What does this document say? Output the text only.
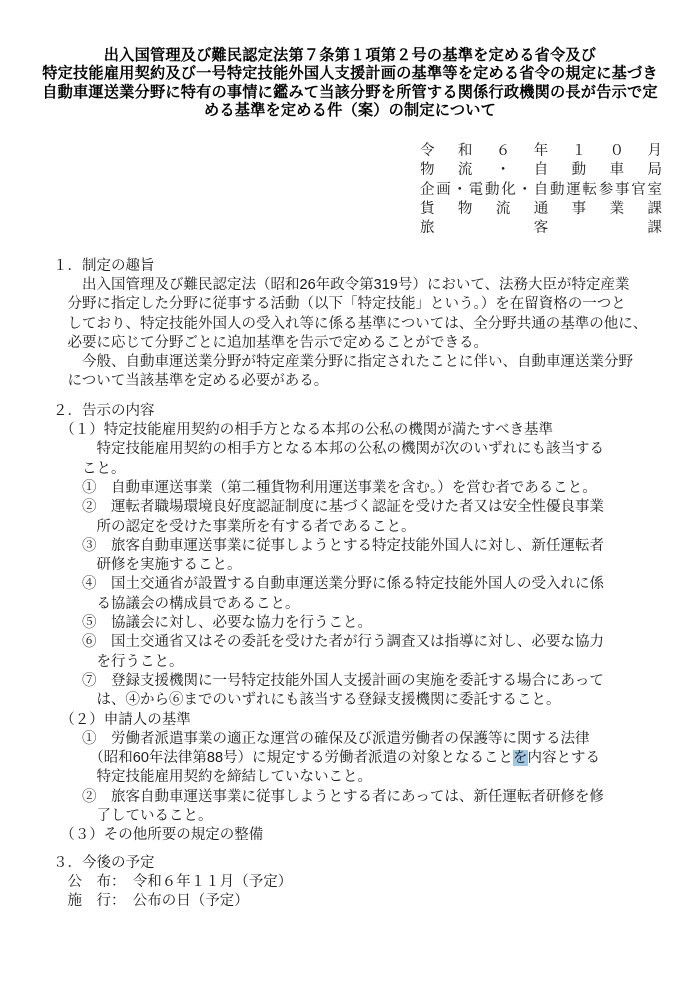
出入国管理及び難民認定法第７条第１項第２号の基準を定める省令及び
特定技能雇用契約及び一号特定技能外国人支援計画の基準等を定める省令の規定に基づき
自動車運送業分野に特有の事情に鑑みて当該分野を所管する関係行政機関の長が告示で定
める基準を定める件（案）の制定について
令和６年１０月
物流・自動車局
企画・電動化・自動運転参事官室
貨物流通事業課
旅客課
１．制定の趣旨
　　出入国管理及び難民認定法（昭和26年政令第319号）において、法務大臣が特定産業
　分野に指定した分野に従事する活動（以下「特定技能」という。）を在留資格の一つと
　しており、特定技能外国人の受入れ等に係る基準については、全分野共通の基準の他に、
　必要に応じて分野ごとに追加基準を告示で定めることができる。
　　今般、自動車運送業分野が特定産業分野に指定されたことに伴い、自動車運送業分野
　について当該基準を定める必要がある。
２．告示の内容
　（１）特定技能雇用契約の相手方となる本邦の公私の機関が満たすべき基準
　　　特定技能雇用契約の相手方となる本邦の公私の機関が次のいずれにも該当する
　　こと。
　　①　自動車運送事業（第二種貨物利用運送事業を含む。）を営む者であること。
　　②　運転者職場環境良好度認証制度に基づく認証を受けた者又は安全性優良事業
　　　所の認定を受けた事業所を有する者であること。
　　③　旅客自動車運送事業に従事しようとする特定技能外国人に対し、新任運転者
　　　研修を実施すること。
　　④　国土交通省が設置する自動車運送業分野に係る特定技能外国人の受入れに係
　　　る協議会の構成員であること。
　　⑤　協議会に対し、必要な協力を行うこと。
　　⑥　国土交通省又はその委託を受けた者が行う調査又は指導に対し、必要な協力
　　　を行うこと。
　　⑦　登録支援機関に一号特定技能外国人支援計画の実施を委託する場合にあって
　　　は、④から⑥までのいずれにも該当する登録支援機関に委託すること。
　（２）申請人の基準
　　①　労働者派遣事業の適正な運営の確保及び派遣労働者の保護等に関する法律
　　　（昭和60年法律第88号）に規定する労働者派遣の対象となることを内容とする
　　　特定技能雇用契約を締結していないこと。
　　②　旅客自動車運送事業に従事しようとする者にあっては、新任運転者研修を修
　　　了していること。
　（３）その他所要の規定の整備
３．今後の予定
　公　布：　令和６年１１月（予定）
　施　行：　公布の日（予定）
